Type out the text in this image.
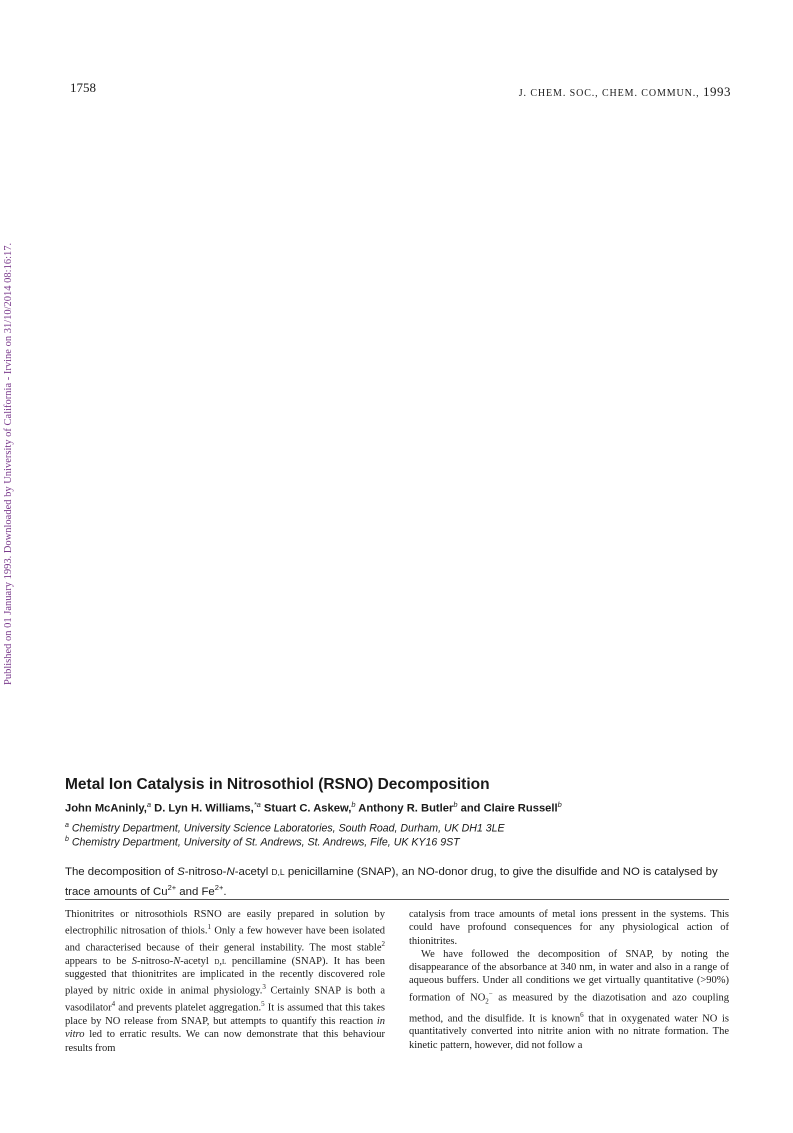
1758	J. CHEM. SOC., CHEM. COMMUN., 1993
Published on 01 January 1993. Downloaded by University of California - Irvine on 31/10/2014 08:16:17.
Metal Ion Catalysis in Nitrosothiol (RSNO) Decomposition
John McAninly,$^a$ D. Lyn H. Williams,$^{*a}$ Stuart C. Askew,$^b$ Anthony R. Butler$^b$ and Claire Russell$^b$
$^a$ Chemistry Department, University Science Laboratories, South Road, Durham, UK DH1 3LE
$^b$ Chemistry Department, University of St. Andrews, St. Andrews, Fife, UK KY16 9ST

The decomposition of S-nitroso-N-acetyl D,L penicillamine (SNAP), an NO-donor drug, to give the disulfide and NO is catalysed by trace amounts of $Cu^{2+}$ and $Fe^{2+}$.

Thionitrites or nitrosothiols RSNO are easily prepared in solution by electrophilic nitrosation of thiols.$^1$ Only a few however have been isolated and characterised because of their general instability. The most stable$^2$ appears to be S-nitroso-N-acetyl d,l pencillamine (SNAP). It has been suggested that thionitrites are implicated in the recently discovered role played by nitric oxide in animal physiology.$^3$ Certainly SNAP is both a vasodilator$^4$ and prevents platelet aggregation.$^5$ It is assumed that this takes place by NO release from SNAP, but attempts to quantify this reaction in vitro led to erratic results. We can now demonstrate that this behaviour results from

catalysis from trace amounts of metal ions pressent in the systems. This could have profound consequences for any physiological action of thionitrites.

We have followed the decomposition of SNAP, by noting the disappearance of the absorbance at 340 nm, in water and also in a range of aqueous buffers. Under all conditions we get virtually quantitative (>90%) formation of $NO_2^-$ as measured by the diazotisation and azo coupling method, and the disulfide. It is known$^6$ that in oxygenated water NO is quantitatively converted into nitrite anion with no nitrate formation. The kinetic pattern, however, did not follow a
